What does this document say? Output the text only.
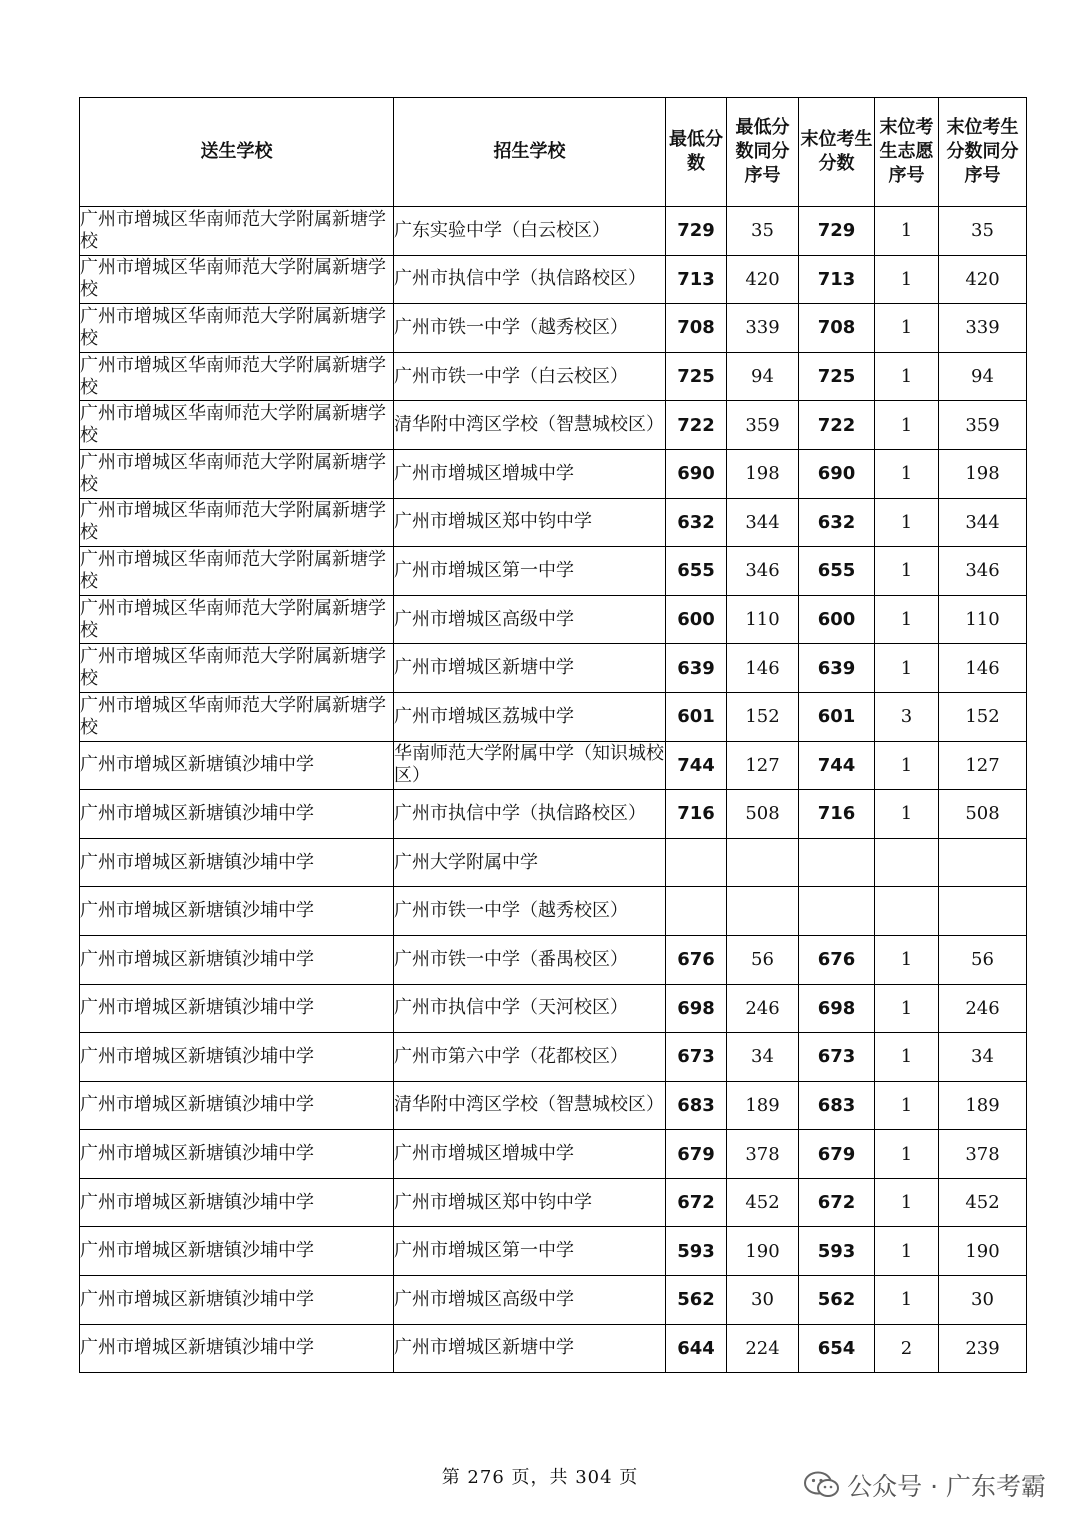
送生学校	招生学校	最低分数	最低分数同分序号	末位考生分数	末位考生志愿序号	末位考生分数同分序号
广州市增城区华南师范大学附属新塘学校	广东实验中学（白云校区）	729	35	729	1	35
广州市增城区华南师范大学附属新塘学校	广州市执信中学（执信路校区）	713	420	713	1	420
广州市增城区华南师范大学附属新塘学校	广州市铁一中学（越秀校区）	708	339	708	1	339
广州市增城区华南师范大学附属新塘学校	广州市铁一中学（白云校区）	725	94	725	1	94
广州市增城区华南师范大学附属新塘学校	清华附中湾区学校（智慧城校区）	722	359	722	1	359
广州市增城区华南师范大学附属新塘学校	广州市增城区增城中学	690	198	690	1	198
广州市增城区华南师范大学附属新塘学校	广州市增城区郑中钧中学	632	344	632	1	344
广州市增城区华南师范大学附属新塘学校	广州市增城区第一中学	655	346	655	1	346
广州市增城区华南师范大学附属新塘学校	广州市增城区高级中学	600	110	600	1	110
广州市增城区华南师范大学附属新塘学校	广州市增城区新塘中学	639	146	639	1	146
广州市增城区华南师范大学附属新塘学校	广州市增城区荔城中学	601	152	601	3	152
广州市增城区新塘镇沙埔中学	华南师范大学附属中学（知识城校区）	744	127	744	1	127
广州市增城区新塘镇沙埔中学	广州市执信中学（执信路校区）	716	508	716	1	508
广州市增城区新塘镇沙埔中学	广州大学附属中学					
广州市增城区新塘镇沙埔中学	广州市铁一中学（越秀校区）					
广州市增城区新塘镇沙埔中学	广州市铁一中学（番禺校区）	676	56	676	1	56
广州市增城区新塘镇沙埔中学	广州市执信中学（天河校区）	698	246	698	1	246
广州市增城区新塘镇沙埔中学	广州市第六中学（花都校区）	673	34	673	1	34
广州市增城区新塘镇沙埔中学	清华附中湾区学校（智慧城校区）	683	189	683	1	189
广州市增城区新塘镇沙埔中学	广州市增城区增城中学	679	378	679	1	378
广州市增城区新塘镇沙埔中学	广州市增城区郑中钧中学	672	452	672	1	452
广州市增城区新塘镇沙埔中学	广州市增城区第一中学	593	190	593	1	190
广州市增城区新塘镇沙埔中学	广州市增城区高级中学	562	30	562	1	30
广州市增城区新塘镇沙埔中学	广州市增城区新塘中学	644	224	654	2	239
第 276 页，共 304 页	公众号 · 广东考霸
